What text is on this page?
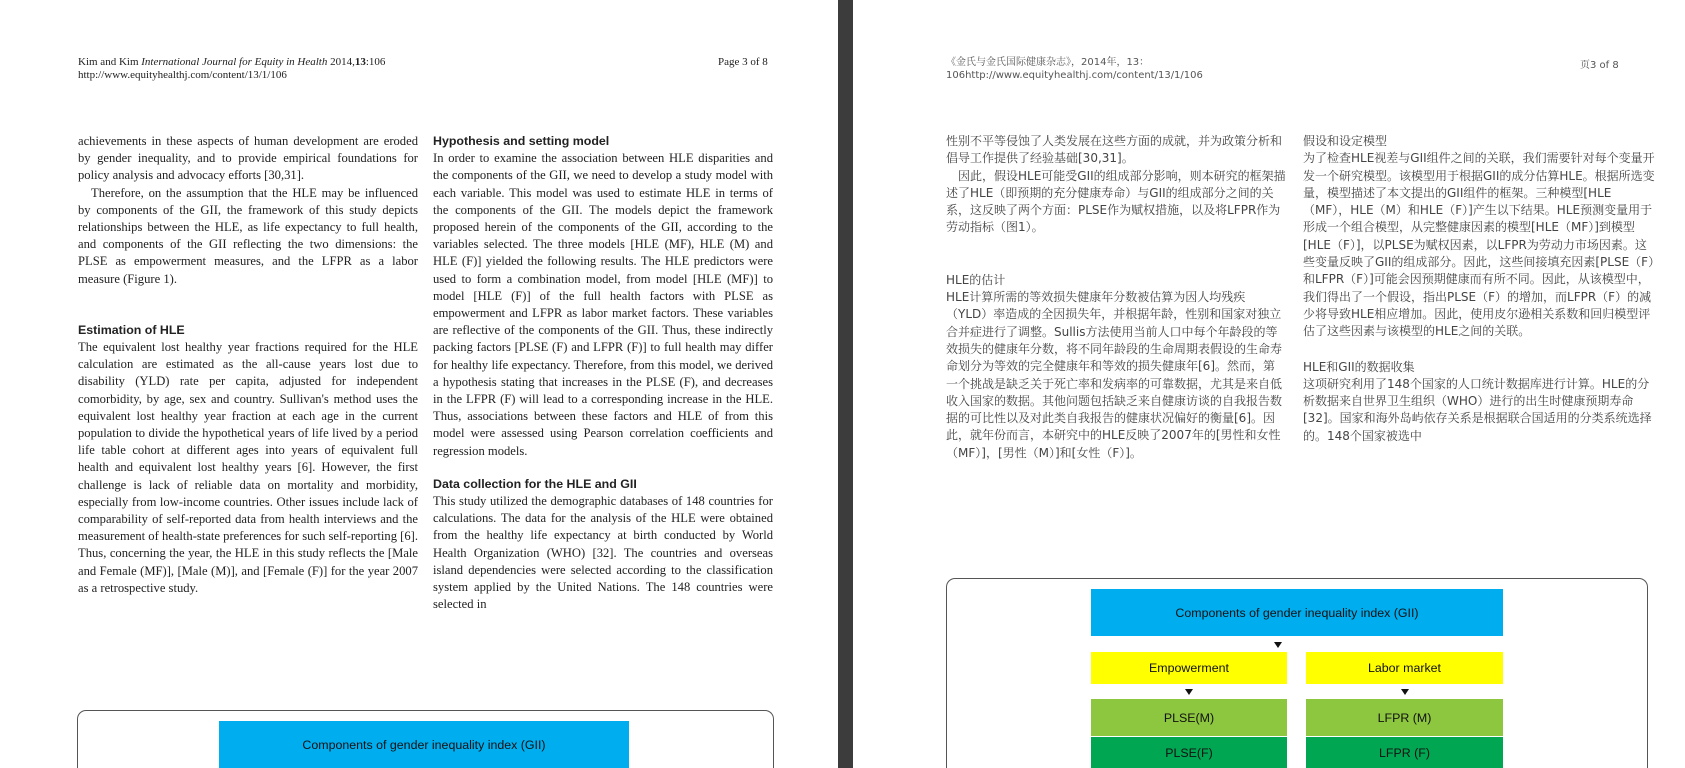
Kim and Kim International Journal for Equity in Health 2014,13:106
http://www.equityhealthj.com/content/13/1/106
Page 3 of 8

achievements in these aspects of human development are eroded by gender inequality, and to provide empirical foundations for policy analysis and advocacy efforts [30,31].

Therefore, on the assumption that the HLE may be influenced by components of the GII, the framework of this study depicts relationships between the HLE, as life expectancy to full health, and components of the GII reflecting the two dimensions: the PLSE as empowerment measures, and the LFPR as a labor measure (Figure 1).

Estimation of HLE

The equivalent lost healthy year fractions required for the HLE calculation are estimated as the all-cause years lost due to disability (YLD) rate per capita, adjusted for independent comorbidity, by age, sex and country. Sullivan's method uses the equivalent lost healthy year fraction at each age in the current population to divide the hypothetical years of life lived by a period life table cohort at different ages into years of equivalent full health and equivalent lost healthy years [6]. However, the first challenge is lack of reliable data on mortality and morbidity, especially from low-income countries. Other issues include lack of comparability of self-reported data from health interviews and the measurement of health-state preferences for such self-reporting [6]. Thus, concerning the year, the HLE in this study reflects the [Male and Female (MF)], [Male (M)], and [Female (F)] for the year 2007 as a retrospective study.

Hypothesis and setting model

In order to examine the association between HLE disparities and the components of the GII, we need to develop a study model with each variable. This model was used to estimate HLE in terms of the components of the GII. The models depict the framework proposed herein of the components of the GII, according to the variables selected. The three models [HLE (MF), HLE (M) and HLE (F)] yielded the following results. The HLE predictors were used to form a combination model, from model [HLE (MF)] to model [HLE (F)] of the full health factors with PLSE as empowerment and LFPR as labor market factors. These variables are reflective of the components of the GII. Thus, these indirectly packing factors [PLSE (F) and LFPR (F)] to full health may differ for healthy life expectancy. Therefore, from this model, we derived a hypothesis stating that increases in the PLSE (F), and decreases in the LFPR (F) will lead to a corresponding increase in the HLE. Thus, associations between these factors and HLE of from this model were assessed using Pearson correlation coefficients and regression models.

Data collection for the HLE and GII

This study utilized the demographic databases of 148 countries for calculations. The data for the analysis of the HLE were obtained from the healthy life expectancy at birth conducted by World Health Organization (WHO) [32]. The countries and overseas island dependencies were selected according to the classification system applied by the United Nations. The 148 countries were selected in

Components of gender inequality index (GII)
《金氏与金氏国际健康杂志》，2014年，13：
106http://www.equityhealthj.com/content/13/1/106
页3 of 8

性别不平等侵蚀了人类发展在这些方面的成就，并为政策分析和倡导工作提供了经验基础[30,31]。

因此，假设HLE可能受GII的组成部分影响，则本研究的框架描述了HLE（即预期的充分健康寿命）与GII的组成部分之间的关系，这反映了两个方面：PLSE作为赋权措施，以及将LFPR作为劳动指标（图1）。

HLE的估计

HLE计算所需的等效损失健康年分数被估算为因人均残疾（YLD）率造成的全因损失年，并根据年龄，性别和国家对独立合并症进行了调整。Sullis方法使用当前人口中每个年龄段的等效损失的健康年分数，将不同年龄段的生命周期表假设的生命寿命划分为等效的完全健康年和等效的损失健康年[6]。然而，第一个挑战是缺乏关于死亡率和发病率的可靠数据，尤其是来自低收入国家的数据。其他问题包括缺乏来自健康访谈的自我报告数据的可比性以及对此类自我报告的健康状况偏好的衡量[6]。因此，就年份而言，本研究中的HLE反映了2007年的[男性和女性（MF）]，[男性（M）]和[女性（F）]。

假设和设定模型

为了检查HLE视差与GII组件之间的关联，我们需要针对每个变量开发一个研究模型。该模型用于根据GII的成分估算HLE。根据所选变量，模型描述了本文提出的GII组件的框架。三种模型[HLE（MF），HLE（M）和HLE（F）]产生以下结果。HLE预测变量用于形成一个组合模型，从完整健康因素的模型[HLE（MF）]到模型[HLE（F）]，以PLSE为赋权因素，以LFPR为劳动力市场因素。这些变量反映了GII的组成部分。因此，这些间接填充因素[PLSE（F）和LFPR（F）]可能会因预期健康而有所不同。因此，从该模型中，我们得出了一个假设，指出PLSE（F）的增加，而LFPR（F）的减少将导致HLE相应增加。因此，使用皮尔逊相关系数和回归模型评估了这些因素与该模型的HLE之间的关联。

HLE和GII的数据收集

这项研究利用了148个国家的人口统计数据库进行计算。HLE的分析数据来自世界卫生组织（WHO）进行的出生时健康预期寿命[32]。国家和海外岛屿依存关系是根据联合国适用的分类系统选择的。148个国家被选中

Components of gender inequality index (GII)
Empowerment	Labor market
PLSE(M)	LFPR (M)
PLSE(F)	LFPR (F)
